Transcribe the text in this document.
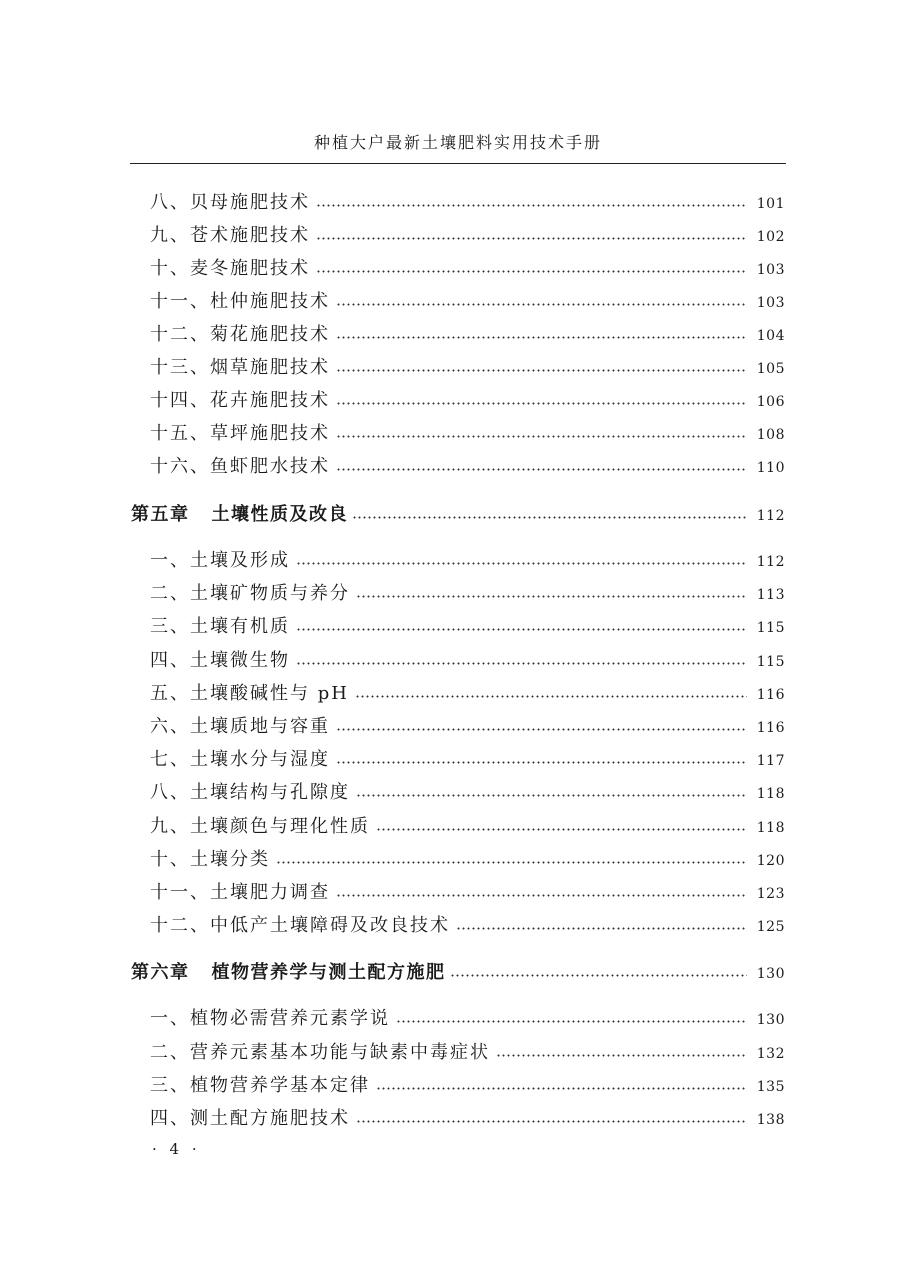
种植大户最新土壤肥料实用技术手册
八、贝母施肥技术	101
九、苍术施肥技术	102
十、麦冬施肥技术	103
十一、杜仲施肥技术	103
十二、菊花施肥技术	104
十三、烟草施肥技术	105
十四、花卉施肥技术	106
十五、草坪施肥技术	108
十六、鱼虾肥水技术	110
第五章 土壤性质及改良	112
一、土壤及形成	112
二、土壤矿物质与养分	113
三、土壤有机质	115
四、土壤微生物	115
五、土壤酸碱性与 pH	116
六、土壤质地与容重	116
七、土壤水分与湿度	117
八、土壤结构与孔隙度	118
九、土壤颜色与理化性质	118
十、土壤分类	120
十一、土壤肥力调查	123
十二、中低产土壤障碍及改良技术	125
第六章 植物营养学与测土配方施肥	130
一、植物必需营养元素学说	130
二、营养元素基本功能与缺素中毒症状	132
三、植物营养学基本定律	135
四、测土配方施肥技术	138
· 4 ·
